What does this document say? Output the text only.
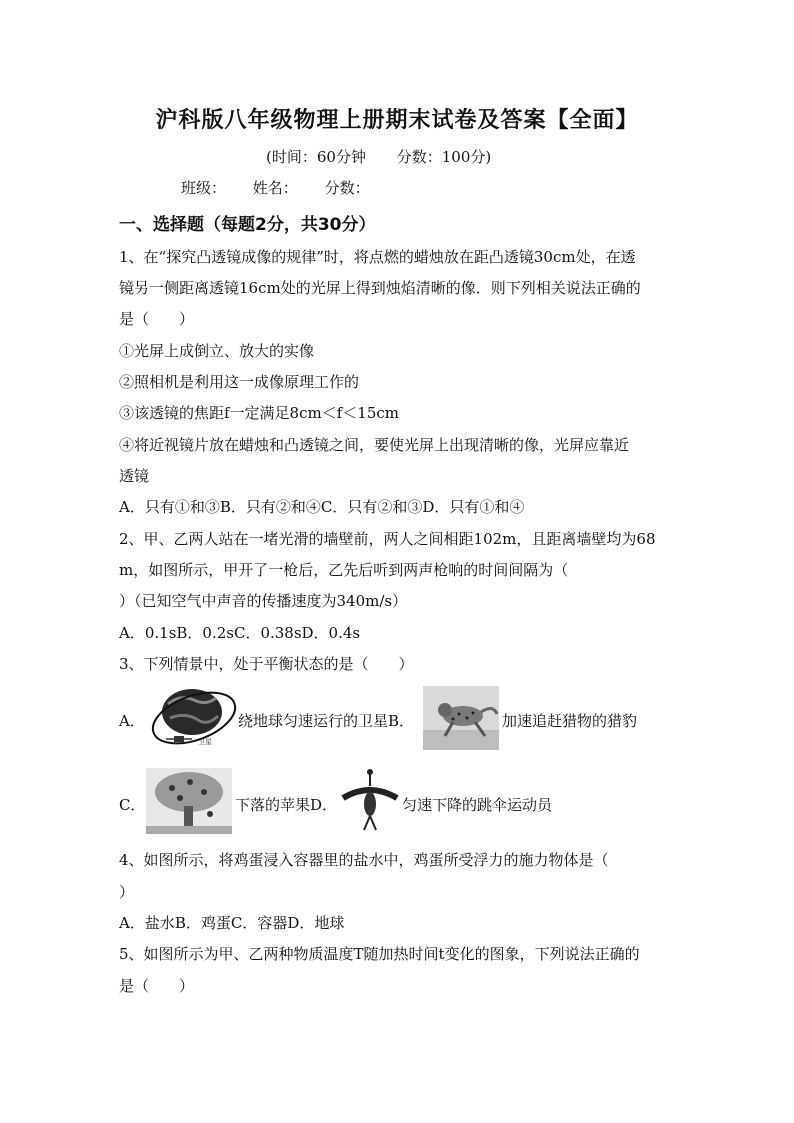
沪科版八年级物理上册期末试卷及答案【全面】
(时间：60分钟 分数：100分)
班级： 姓名： 分数：
一、选择题（每题2分，共30分）
1、在“探究凸透镜成像的规律”时，将点燃的蜡烛放在距凸透镜30cm处，在透
镜另一侧距离透镜16cm处的光屏上得到烛焰清晰的像．则下列相关说法正确的
是（　　）
①光屏上成倒立、放大的实像
②照相机是利用这一成像原理工作的
③该透镜的焦距f一定满足8cm＜f＜15cm
④将近视镜片放在蜡烛和凸透镜之间，要使光屏上出现清晰的像，光屏应靠近
透镜
A．只有①和③B．只有②和④C．只有②和③D．只有①和④
2、甲、乙两人站在一堵光滑的墙壁前，两人之间相距102m，且距离墙壁均为68
m，如图所示，甲开了一枪后，乙先后听到两声枪响的时间间隔为（
）（已知空气中声音的传播速度为340m/s）
A．0.1sB．0.2sC．0.38sD．0.4s
3、下列情景中，处于平衡状态的是（　　）
A．
卫星
绕地球匀速运行的卫星B．	加速追赶猎物的猎豹
C．	下落的苹果D．	匀速下降的跳伞运动员
4、如图所示，将鸡蛋浸入容器里的盐水中，鸡蛋所受浮力的施力物体是（
）
A．盐水B．鸡蛋C．容器D．地球
5、如图所示为甲、乙两种物质温度T随加热时间t变化的图象，下列说法正确的
是（　　）
